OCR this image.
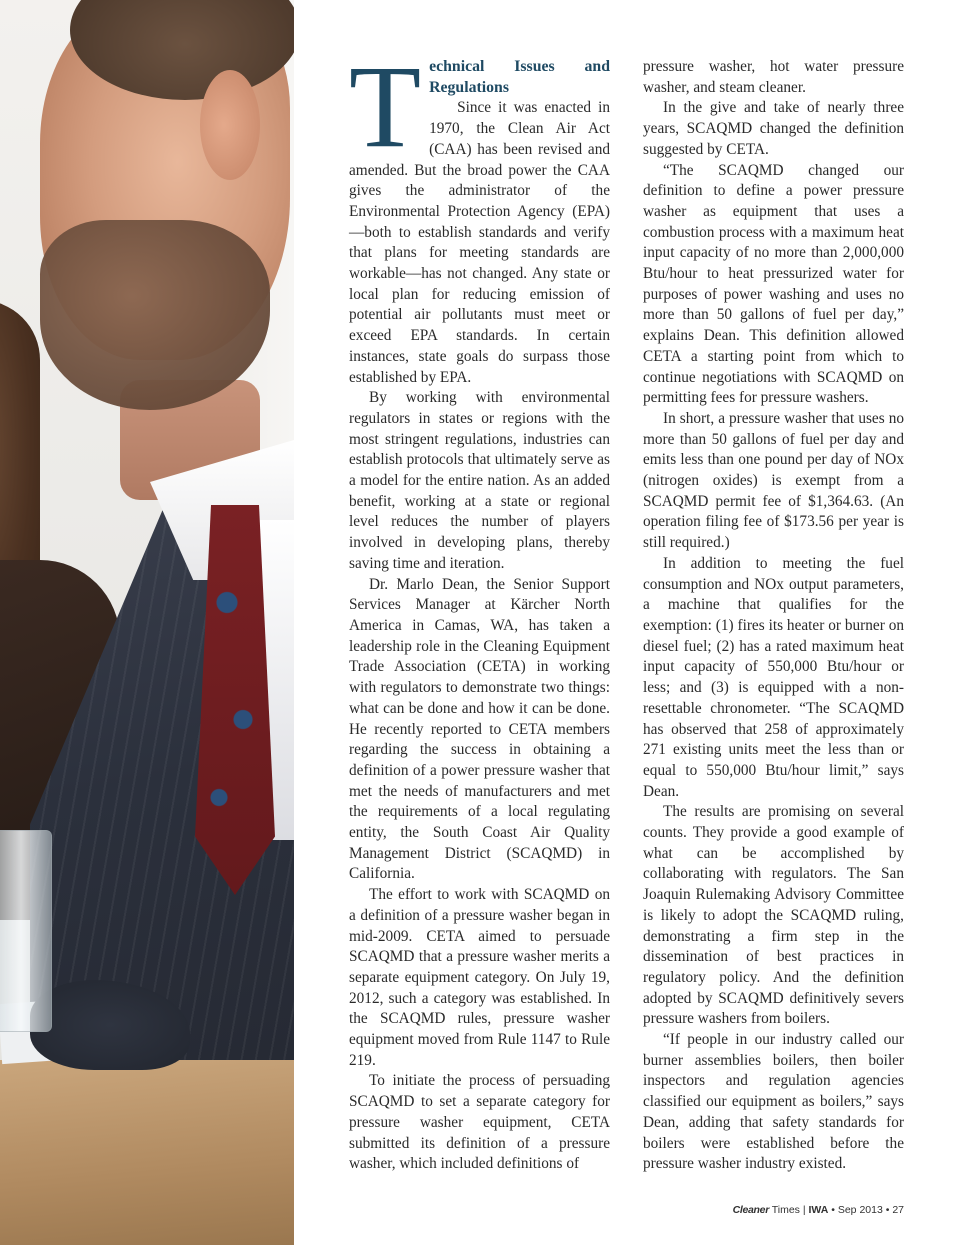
T echnical Issues and Regulations

Since it was enacted in 1970, the Clean Air Act (CAA) has been revised and amended. But the broad power the CAA gives the administrator of the Environmental Protection Agency (EPA)—both to establish standards and verify that plans for meeting standards are workable—has not changed. Any state or local plan for reducing emission of potential air pollutants must meet or exceed EPA standards. In certain instances, state goals do surpass those established by EPA.

By working with environmental regulators in states or regions with the most stringent regulations, industries can establish protocols that ultimately serve as a model for the entire nation. As an added benefit, working at a state or regional level reduces the number of players involved in developing plans, thereby saving time and iteration.

Dr. Marlo Dean, the Senior Support Services Manager at Kärcher North America in Camas, WA, has taken a leadership role in the Cleaning Equipment Trade Association (CETA) in working with regulators to demonstrate two things: what can be done and how it can be done. He recently reported to CETA members regarding the success in obtaining a definition of a power pressure washer that met the needs of manufacturers and met the requirements of a local regulating entity, the South Coast Air Quality Management District (SCAQMD) in California.

The effort to work with SCAQMD on a definition of a pressure washer began in mid-2009. CETA aimed to persuade SCAQMD that a pressure washer merits a separate equipment category. On July 19, 2012, such a category was established. In the SCAQMD rules, pressure washer equipment moved from Rule 1147 to Rule 219.

To initiate the process of persuading SCAQMD to set a separate category for pressure washer equipment, CETA submitted its definition of a pressure washer, which included definitions of

pressure washer, hot water pressure washer, and steam cleaner.

In the give and take of nearly three years, SCAQMD changed the definition suggested by CETA.

“The SCAQMD changed our definition to define a power pressure washer as equipment that uses a combustion process with a maximum heat input capacity of no more than 2,000,000 Btu/hour to heat pressurized water for purposes of power washing and uses no more than 50 gallons of fuel per day,” explains Dean. This definition allowed CETA a starting point from which to continue negotiations with SCAQMD on permitting fees for pressure washers.

In short, a pressure washer that uses no more than 50 gallons of fuel per day and emits less than one pound per day of NOx (nitrogen oxides) is exempt from a SCAQMD permit fee of $1,364.63. (An operation filing fee of $173.56 per year is still required.)

In addition to meeting the fuel consumption and NOx output parameters, a machine that qualifies for the exemption: (1) fires its heater or burner on diesel fuel; (2) has a rated maximum heat input capacity of 550,000 Btu/hour or less; and (3) is equipped with a non-resettable chronometer. “The SCAQMD has observed that 258 of approximately 271 existing units meet the less than or equal to 550,000 Btu/hour limit,” says Dean.

The results are promising on several counts. They provide a good example of what can be accomplished by collaborating with regulators. The San Joaquin Rulemaking Advisory Committee is likely to adopt the SCAQMD ruling, demonstrating a firm step in the dissemination of best practices in regulatory policy. And the definition adopted by SCAQMD definitively severs pressure washers from boilers.

“If people in our industry called our burner assemblies boilers, then boiler inspectors and regulation agencies classified our equipment as boilers,” says Dean, adding that safety standards for boilers were established before the pressure washer industry existed.

Cleaner Times | IWA • Sep 2013 • 27
